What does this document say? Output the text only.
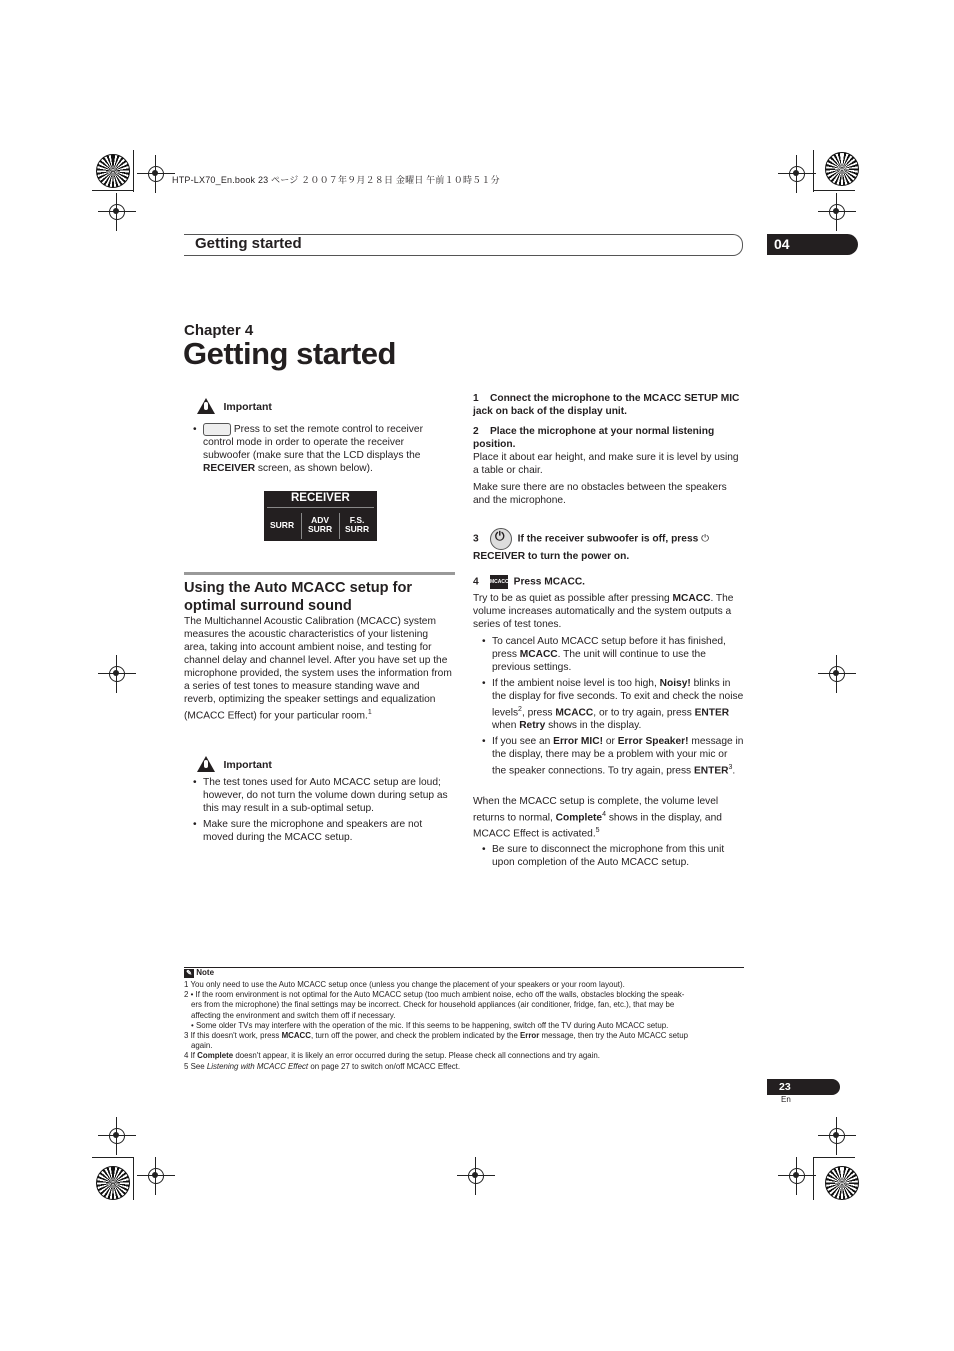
HTP-LX70_En.book 23 ページ ２００７年９月２８日 金曜日 午前１０時５１分
Getting started	04
Chapter 4
Getting started
Important
•	Press to set the remote control to receiver control mode in order to operate the receiver subwoofer (make sure that the LCD displays the RECEIVER screen, as shown below).
RECEIVER
SURR	ADV
SURR
F.S.
SURR
Using the Auto MCACC setup for optimal surround sound
The Multichannel Acoustic Calibration (MCACC) system measures the acoustic characteristics of your listening area, taking into account ambient noise, and testing for channel delay and channel level. After you have set up the microphone provided, the system uses the information from a series of test tones to measure standing wave and reverb, optimizing the speaker settings and equalization (MCACC Effect) for your particular room.$^1$
Important
• The test tones used for Auto MCACC setup are loud; however, do not turn the volume down during setup as this may result in a sub-optimal setup.
• Make sure the microphone and speakers are not moved during the MCACC setup.
1 Connect the microphone to the MCACC SETUP MIC jack on back of the display unit.
2 Place the microphone at your normal listening position.
Place it about ear height, and make sure it is level by using a table or chair.
Make sure there are no obstacles between the speakers and the microphone.
3    ⏻	If the receiver subwoofer is off, press ⏻
RECEIVER to turn the power on.
4 MCACC Press MCACC.
Try to be as quiet as possible after pressing MCACC. The volume increases automatically and the system outputs a series of test tones.
• To cancel Auto MCACC setup before it has finished, press MCACC. The unit will continue to use the previous settings.
• If the ambient noise level is too high, Noisy! blinks in the display for five seconds. To exit and check the noise levels$^2$, press MCACC, or to try again, press ENTER when Retry shows in the display.
• If you see an Error MIC! or Error Speaker! message in the display, there may be a problem with your mic or the speaker connections. To try again, press ENTER$^3$.
When the MCACC setup is complete, the volume level returns to normal, Complete$^4$ shows in the display, and MCACC Effect is activated.$^5$
• Be sure to disconnect the microphone from this unit upon completion of the Auto MCACC setup.
✎ Note
1 You only need to use the Auto MCACC setup once (unless you change the placement of your speakers or your room layout).
2 • If the room environment is not optimal for the Auto MCACC setup (too much ambient noise, echo off the walls, obstacles blocking the speak-
ers from the microphone) the final settings may be incorrect. Check for household appliances (air conditioner, fridge, fan, etc.), that may be
affecting the environment and switch them off if necessary.
• Some older TVs may interfere with the operation of the mic. If this seems to be happening, switch off the TV during Auto MCACC setup.
3 If this doesn't work, press MCACC, turn off the power, and check the problem indicated by the Error message, then try the Auto MCACC setup
again.
4 If Complete doesn't appear, it is likely an error occurred during the setup. Please check all connections and try again.
5 See Listening with MCACC Effect on page 27 to switch on/off MCACC Effect.
23
En
